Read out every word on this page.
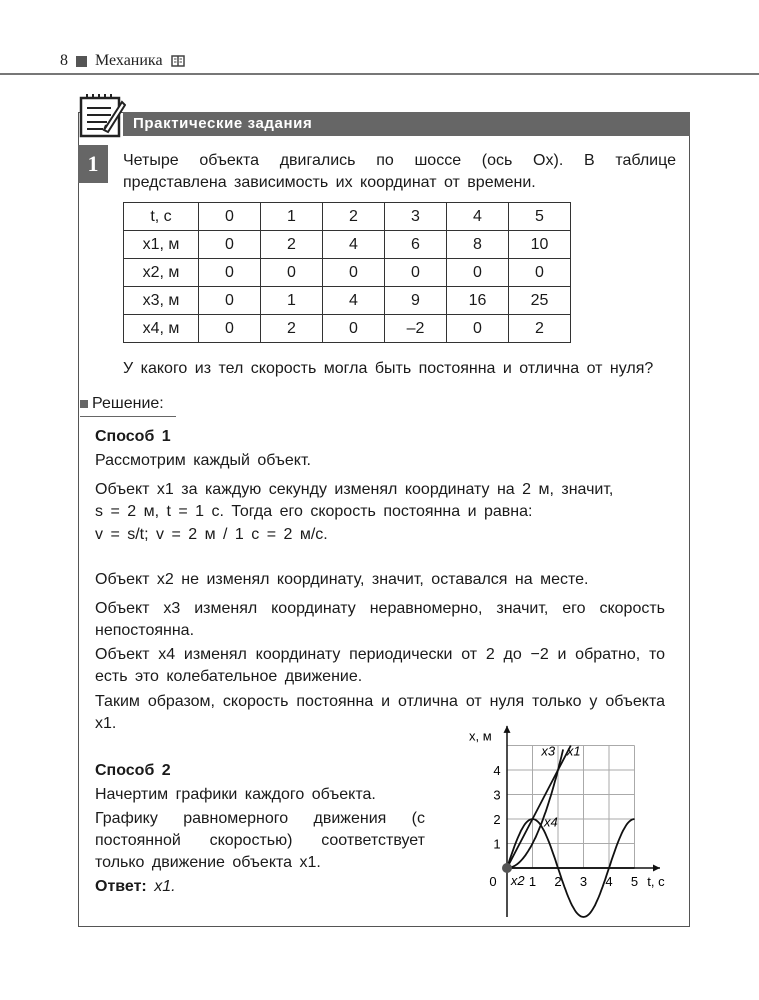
8 Механика
Практические задания
1	Четыре объекта двигались по шоссе (ось Ox). В таблице представлена зависимость их координат от времени.
t, с	0	1	2	3	4	5
x1, м	0	2	4	6	8	10
x2, м	0	0	0	0	0	0
x3, м	0	1	4	9	16	25
x4, м	0	2	0	–2	0	2
У какого из тел скорость могла быть постоянна и отлична от нуля?
Решение:
Способ 1
Рассмотрим каждый объект.
Объект x1 за каждую секунду изменял координату на 2 м, значит,
s = 2 м, t = 1 с. Тогда его скорость постоянна и равна:
v = s/t; v = 2 м / 1 с = 2 м/с.
Объект x2 не изменял координату, значит, оставался на месте.
Объект x3 изменял координату неравномерно, значит, его скорость непостоянна.
Объект x4 изменял координату периодически от 2 до −2 и обратно, то есть это колебательное движение.
Таким образом, скорость постоянна и отлична от нуля только у объекта x1.
Способ 2
Начертим графики каждого объекта.
Графику равномерного движения (с постоянной скоростью) соответствует только движение объекта x1.
Ответ: x1.	0 1 2 3 4 5
1
2
3
4
t, с
x, м
x3 x1
x4
x2
